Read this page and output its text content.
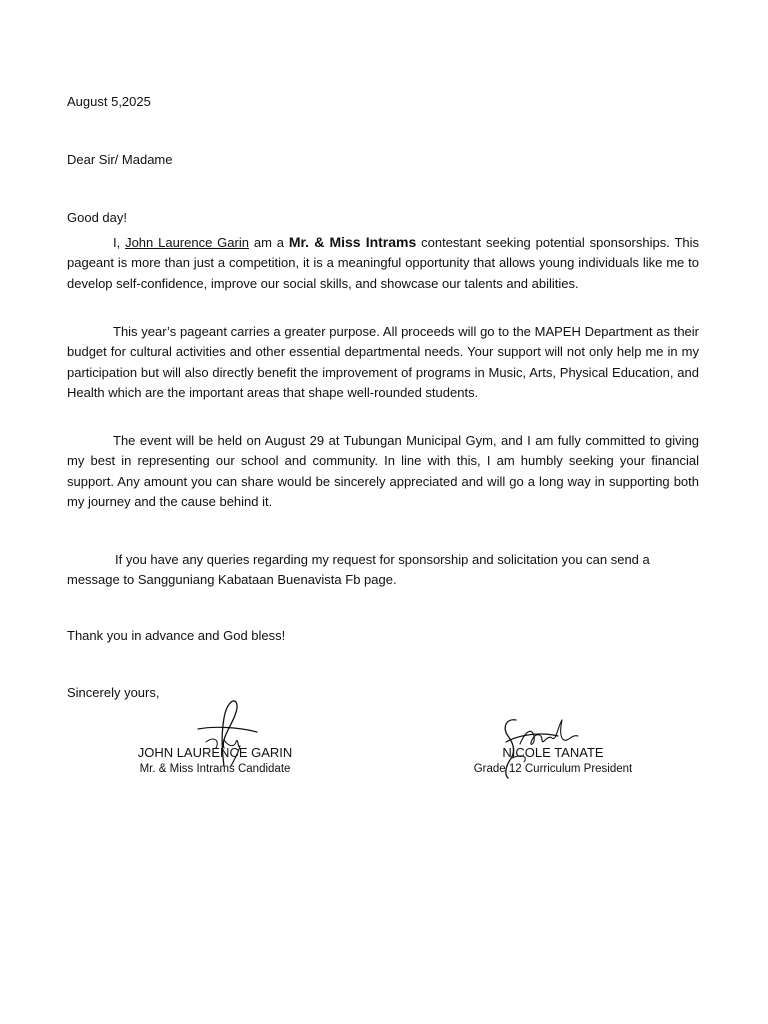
August 5,2025
Dear Sir/ Madame
Good day!

I, John Laurence Garin am a Mr. & Miss Intrams contestant seeking potential sponsorships. This pageant is more than just a competition, it is a meaningful opportunity that allows young individuals like me to develop self-confidence, improve our social skills, and showcase our talents and abilities.

This year’s pageant carries a greater purpose. All proceeds will go to the MAPEH Department as their budget for cultural activities and other essential departmental needs. Your support will not only help me in my participation but will also directly benefit the improvement of programs in Music, Arts, Physical Education, and Health which are the important areas that shape well-rounded students.

The event will be held on August 29 at Tubungan Municipal Gym, and I am fully committed to giving my best in representing our school and community. In line with this, I am humbly seeking your financial support. Any amount you can share would be sincerely appreciated and will go a long way in supporting both my journey and the cause behind it.

If you have any queries regarding my request for sponsorship and solicitation you can send a message to Sangguniang Kabataan Buenavista Fb page.

Thank you in advance and God bless!
Sincerely yours,
JOHN LAURENCE GARIN
Mr. & Miss Intrams Candidate
NICOLE TANATE
Grade 12 Curriculum President
